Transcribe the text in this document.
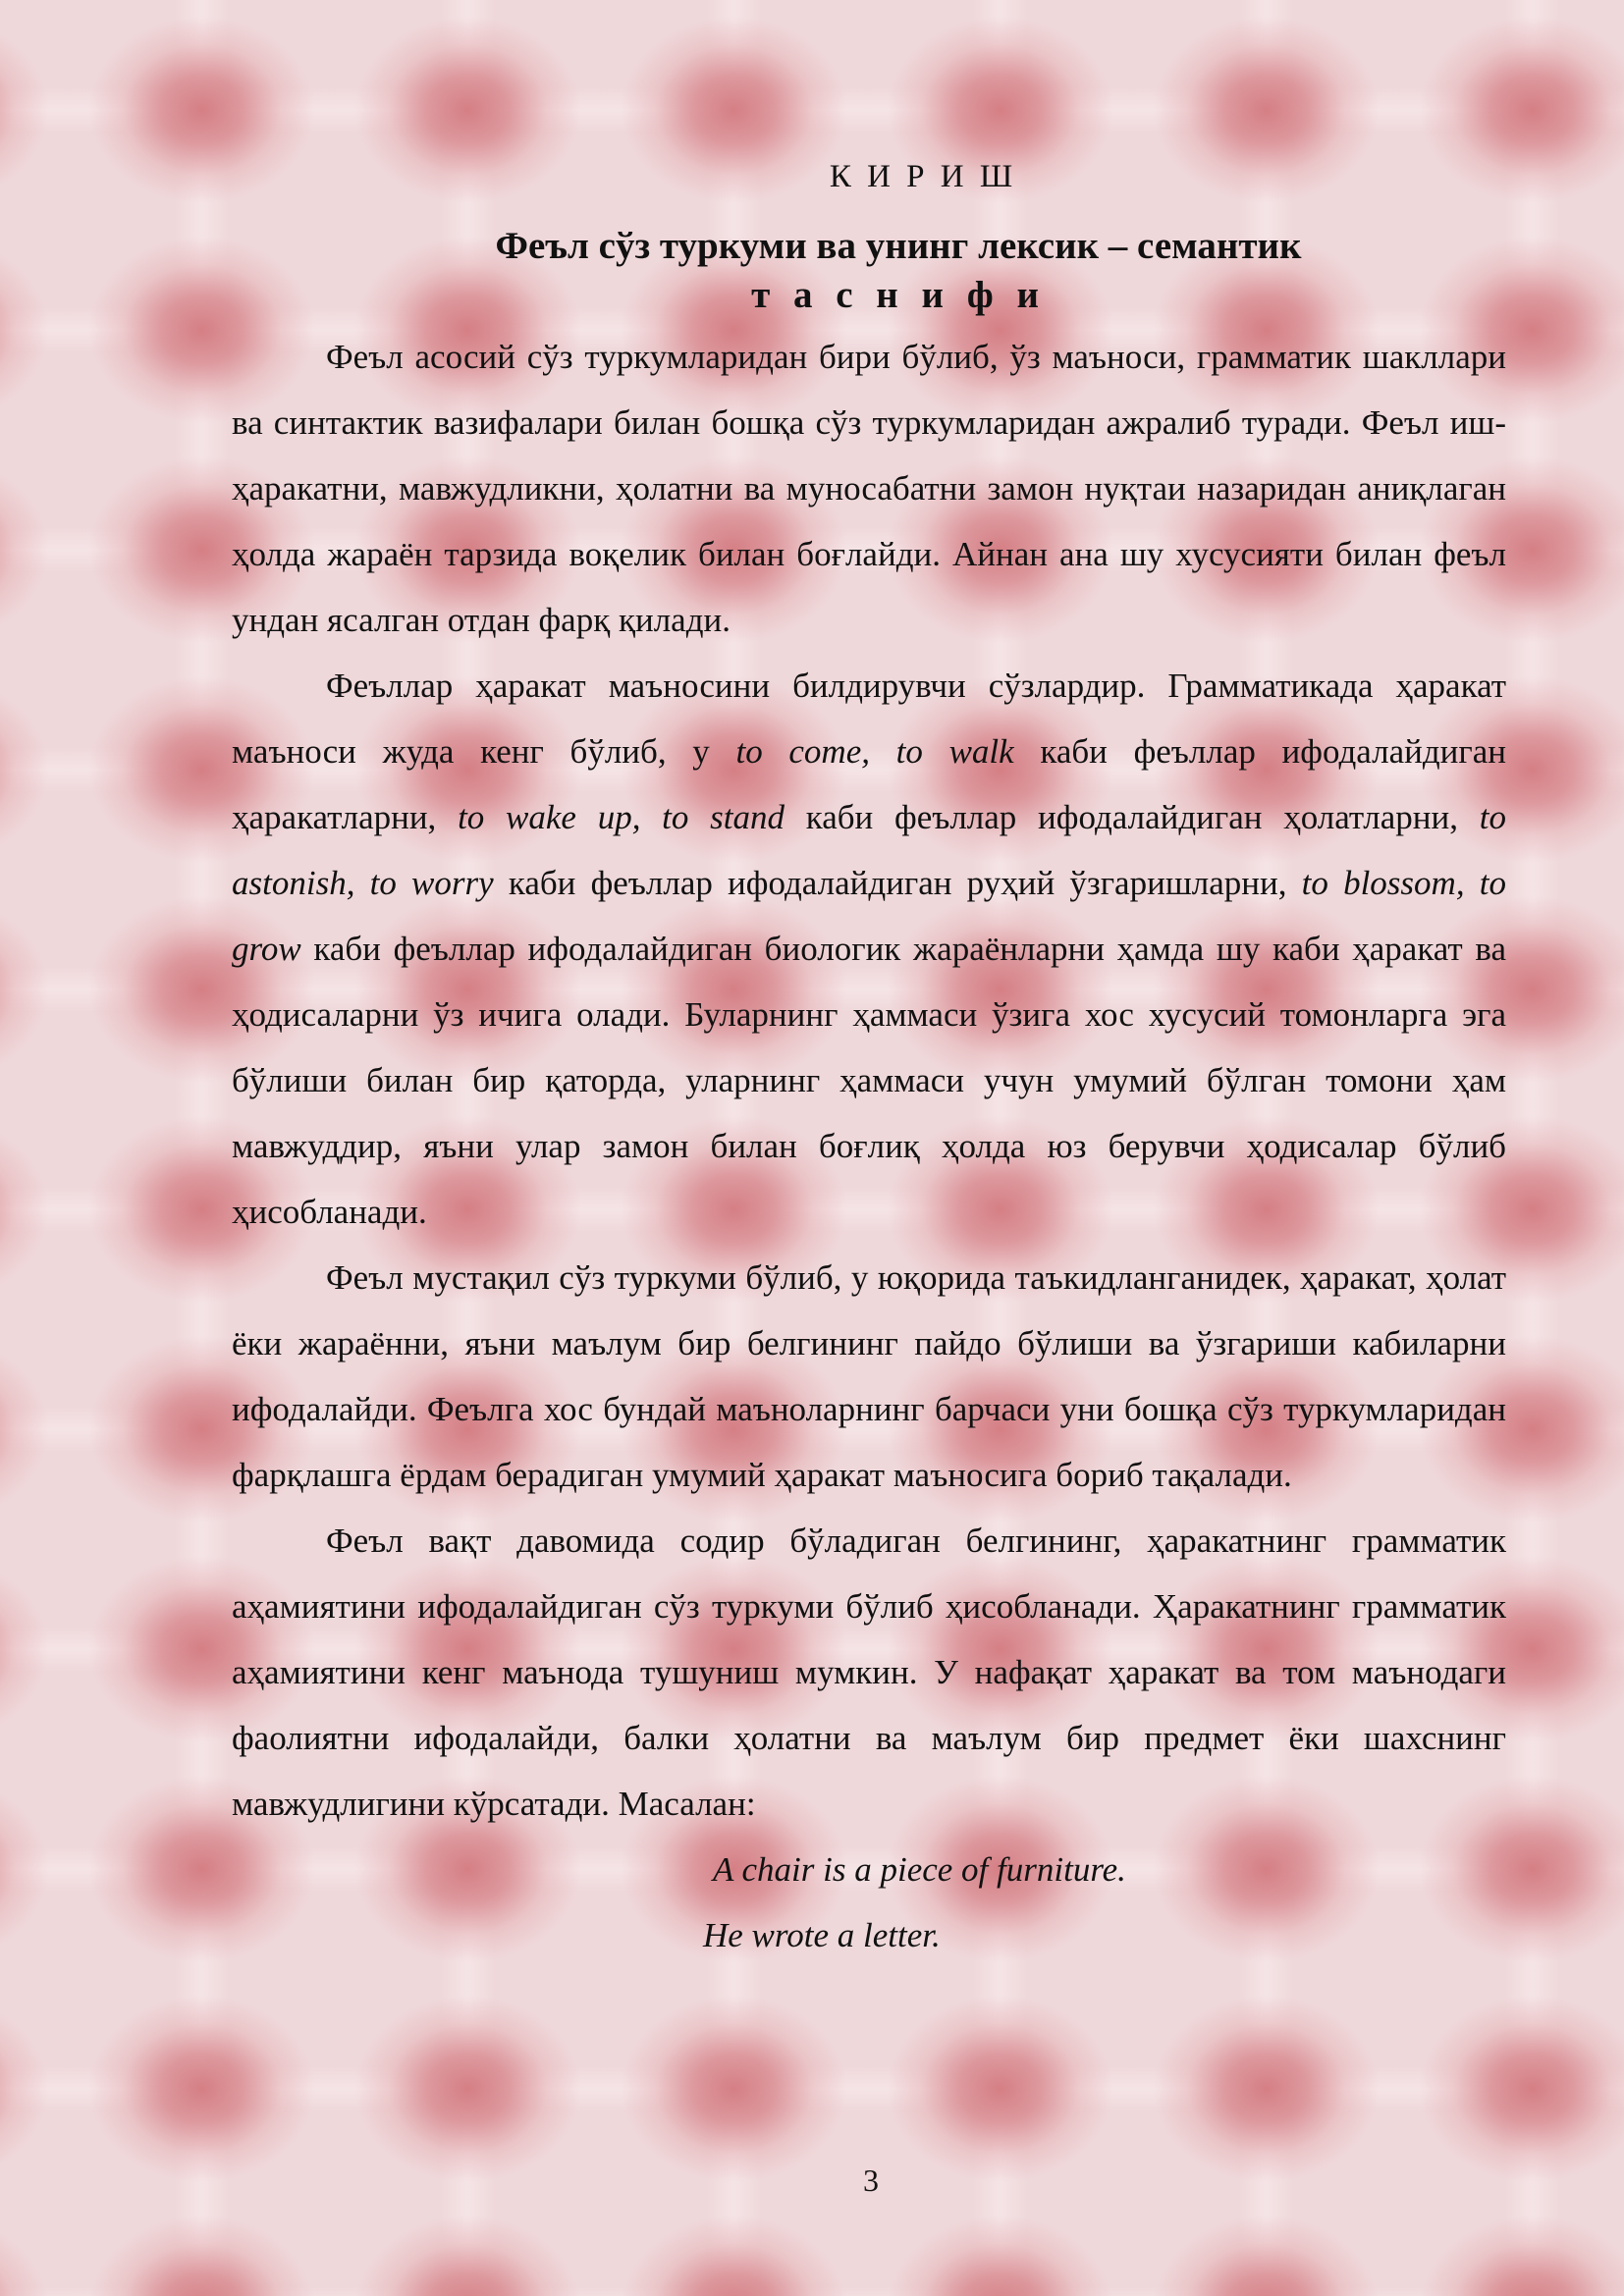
К И Р И Ш
Феъл сўз туркуми ва унинг лексик – семантик
т а с н и ф и

Феъл асосий сўз туркумларидан бири бўлиб, ўз маъноси, грамматик шакллари ва синтактик вазифалари билан бошқа сўз туркумларидан ажралиб туради. Феъл иш-ҳаракатни, мавжудликни, ҳолатни ва муносабатни замон нуқтаи назаридан аниқлаган ҳолда жараён тарзида воқелик билан боғлайди. Айнан ана шу хусусияти билан феъл ундан ясалган отдан фарқ қилади.

Феъллар ҳаракат маъносини билдирувчи сўзлардир. Грамматикада ҳаракат маъноси жуда кенг бўлиб, у to come, to walk каби феъллар ифодалайдиган ҳаракатларни, to wake up, to stand каби феъллар ифодалайдиган ҳолатларни, to astonish, to worry каби феъллар ифодалайдиган руҳий ўзгаришларни, to blossom, to grow каби феъллар ифодалайдиган биологик жараёнларни ҳамда шу каби ҳаракат ва ҳодисаларни ўз ичига олади. Буларнинг ҳаммаси ўзига хос хусусий томонларга эга бўлиши билан бир қаторда, уларнинг ҳаммаси учун умумий бўлган томони ҳам мавжуддир, яъни улар замон билан боғлиқ ҳолда юз берувчи ҳодисалар бўлиб ҳисобланади.

Феъл мустақил сўз туркуми бўлиб, у юқорида таъкидланганидек, ҳаракат, ҳолат ёки жараённи, яъни маълум бир белгининг пайдо бўлиши ва ўзгариши кабиларни ифодалайди. Феълга хос бундай маъноларнинг барчаси уни бошқа сўз туркумларидан фарқлашга ёрдам берадиган умумий ҳаракат маъносига бориб тақалади.

Феъл вақт давомида содир бўладиган белгининг, ҳаракатнинг грамматик аҳамиятини ифодалайдиган сўз туркуми бўлиб ҳисобланади. Ҳаракатнинг грамматик аҳамиятини кенг маънода тушуниш мумкин. У нафақат ҳаракат ва том маънодаги фаолиятни ифодалайди, балки ҳолатни ва маълум бир предмет ёки шахснинг мавжудлигини кўрсатади. Масалан:

A chair is a piece of furniture.
He wrote a letter.
3
